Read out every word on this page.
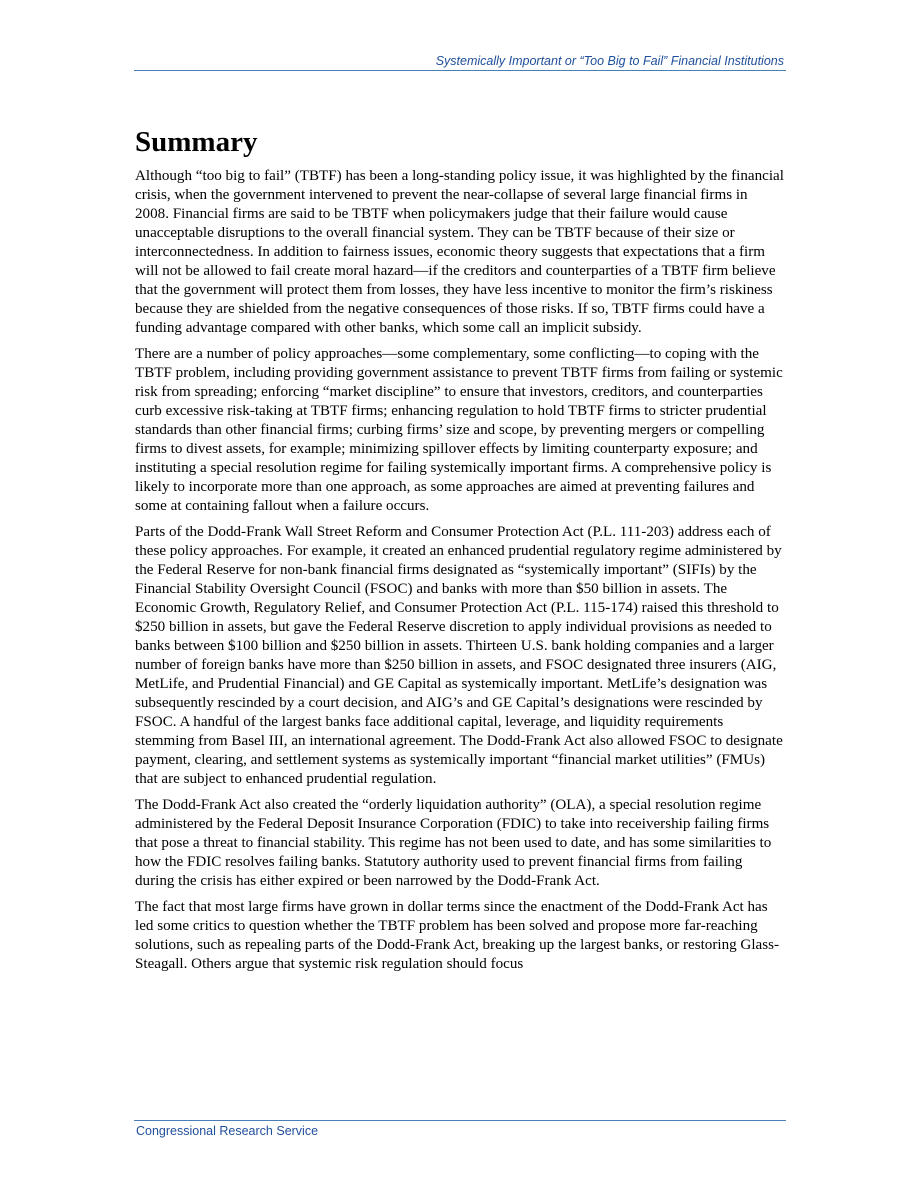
Systemically Important or “Too Big to Fail” Financial Institutions
Summary

Although “too big to fail” (TBTF) has been a long-standing policy issue, it was highlighted by the financial crisis, when the government intervened to prevent the near-collapse of several large financial firms in 2008. Financial firms are said to be TBTF when policymakers judge that their failure would cause unacceptable disruptions to the overall financial system. They can be TBTF because of their size or interconnectedness. In addition to fairness issues, economic theory suggests that expectations that a firm will not be allowed to fail create moral hazard—if the creditors and counterparties of a TBTF firm believe that the government will protect them from losses, they have less incentive to monitor the firm’s riskiness because they are shielded from the negative consequences of those risks. If so, TBTF firms could have a funding advantage compared with other banks, which some call an implicit subsidy.

There are a number of policy approaches—some complementary, some conflicting—to coping with the TBTF problem, including providing government assistance to prevent TBTF firms from failing or systemic risk from spreading; enforcing “market discipline” to ensure that investors, creditors, and counterparties curb excessive risk-taking at TBTF firms; enhancing regulation to hold TBTF firms to stricter prudential standards than other financial firms; curbing firms’ size and scope, by preventing mergers or compelling firms to divest assets, for example; minimizing spillover effects by limiting counterparty exposure; and instituting a special resolution regime for failing systemically important firms. A comprehensive policy is likely to incorporate more than one approach, as some approaches are aimed at preventing failures and some at containing fallout when a failure occurs.

Parts of the Dodd-Frank Wall Street Reform and Consumer Protection Act (P.L. 111-203) address each of these policy approaches. For example, it created an enhanced prudential regulatory regime administered by the Federal Reserve for non-bank financial firms designated as “systemically important” (SIFIs) by the Financial Stability Oversight Council (FSOC) and banks with more than $50 billion in assets. The Economic Growth, Regulatory Relief, and Consumer Protection Act (P.L. 115-174) raised this threshold to $250 billion in assets, but gave the Federal Reserve discretion to apply individual provisions as needed to banks between $100 billion and $250 billion in assets. Thirteen U.S. bank holding companies and a larger number of foreign banks have more than $250 billion in assets, and FSOC designated three insurers (AIG, MetLife, and Prudential Financial) and GE Capital as systemically important. MetLife’s designation was subsequently rescinded by a court decision, and AIG’s and GE Capital’s designations were rescinded by FSOC. A handful of the largest banks face additional capital, leverage, and liquidity requirements stemming from Basel III, an international agreement. The Dodd-Frank Act also allowed FSOC to designate payment, clearing, and settlement systems as systemically important “financial market utilities” (FMUs) that are subject to enhanced prudential regulation.

The Dodd-Frank Act also created the “orderly liquidation authority” (OLA), a special resolution regime administered by the Federal Deposit Insurance Corporation (FDIC) to take into receivership failing firms that pose a threat to financial stability. This regime has not been used to date, and has some similarities to how the FDIC resolves failing banks. Statutory authority used to prevent financial firms from failing during the crisis has either expired or been narrowed by the Dodd-Frank Act.

The fact that most large firms have grown in dollar terms since the enactment of the Dodd-Frank Act has led some critics to question whether the TBTF problem has been solved and propose more far-reaching solutions, such as repealing parts of the Dodd-Frank Act, breaking up the largest banks, or restoring Glass-Steagall. Others argue that systemic risk regulation should focus

Congressional Research Service
